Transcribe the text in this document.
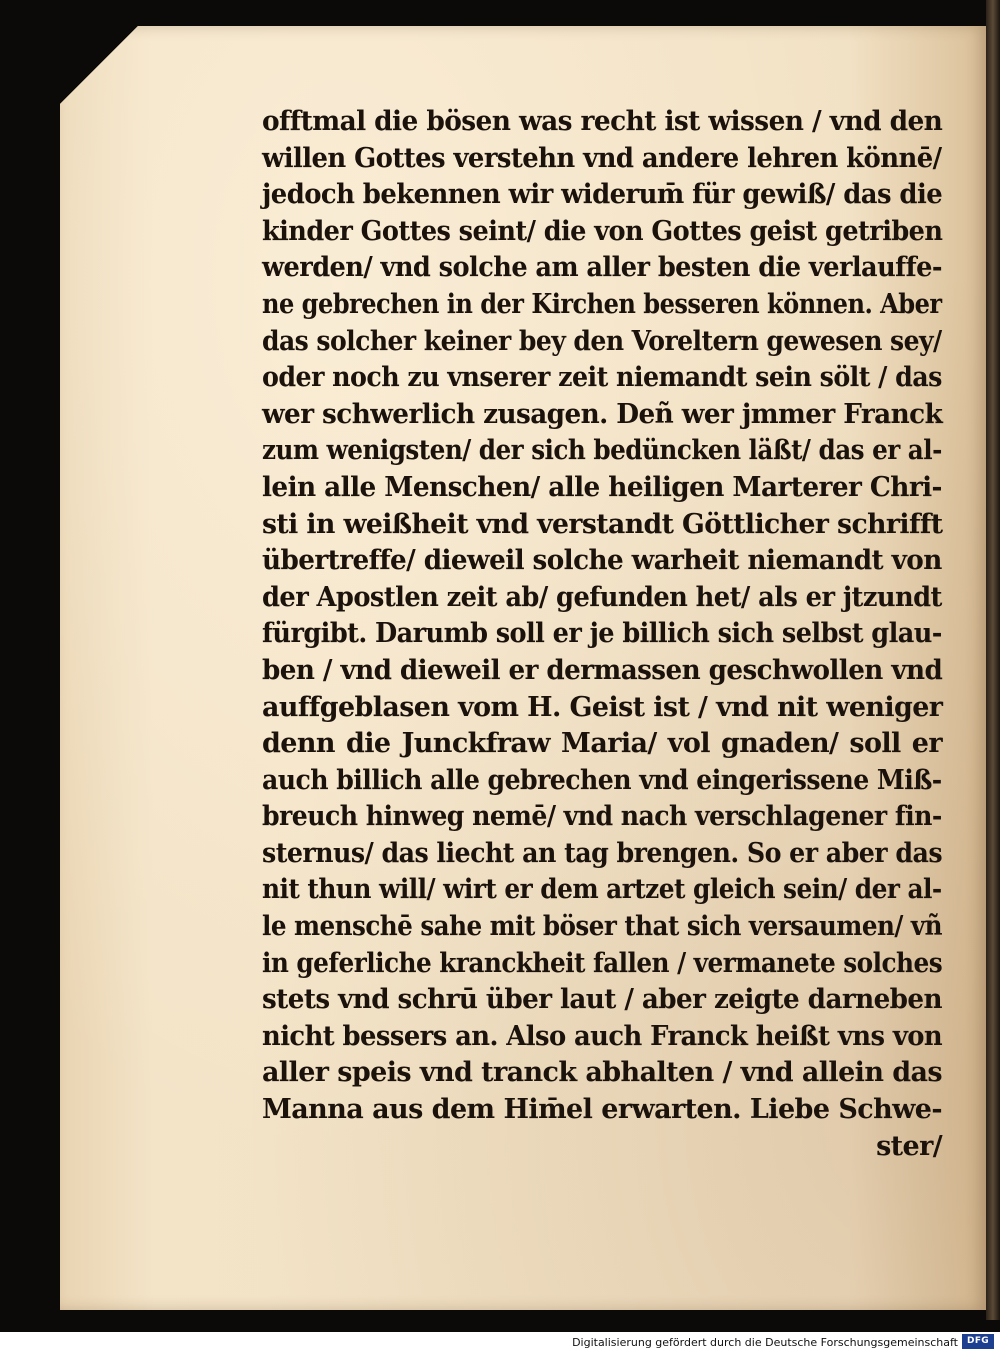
offtmal die bösen was recht ist wissen / vnd den
willen Gottes verstehn vnd andere lehren könnē/
jedoch bekennen wir widerum̄ für gewiß/ das die
kinder Gottes seint/ die von Gottes geist getriben
werden/ vnd solche am aller besten die verlauffe-
ne gebrechen in der Kirchen besseren können. Aber
das solcher keiner bey den Voreltern gewesen sey/
oder noch zu vnserer zeit niemandt sein sölt / das
wer schwerlich zusagen. Deñ wer jmmer Franck
zum wenigsten/ der sich bedüncken läßt/ das er al-
lein alle Menschen/ alle heiligen Marterer Chri-
sti in weißheit vnd verstandt Göttlicher schrifft
übertreffe/ dieweil solche warheit niemandt von
der Apostlen zeit ab/ gefunden het/ als er jtzundt
fürgibt. Darumb soll er je billich sich selbst glau-
ben / vnd dieweil er dermassen geschwollen vnd
auffgeblasen vom H. Geist ist / vnd nit weniger
denn die Junckfraw Maria/ vol gnaden/ soll er
auch billich alle gebrechen vnd eingerissene Miß-
breuch hinweg nemē/ vnd nach verschlagener fin-
sternus/ das liecht an tag brengen. So er aber das
nit thun will/ wirt er dem artzet gleich sein/ der al-
le menschē sahe mit böser that sich versaumen/ vñ
in geferliche kranckheit fallen / vermanete solches
stets vnd schrū über laut / aber zeigte darneben
nicht bessers an. Also auch Franck heißt vns von
aller speis vnd tranck abhalten / vnd allein das
Manna aus dem Him̄el erwarten. Liebe Schwe-
ster/
Digitalisierung gefördert durch die Deutsche Forschungsgemeinschaft	DFG
